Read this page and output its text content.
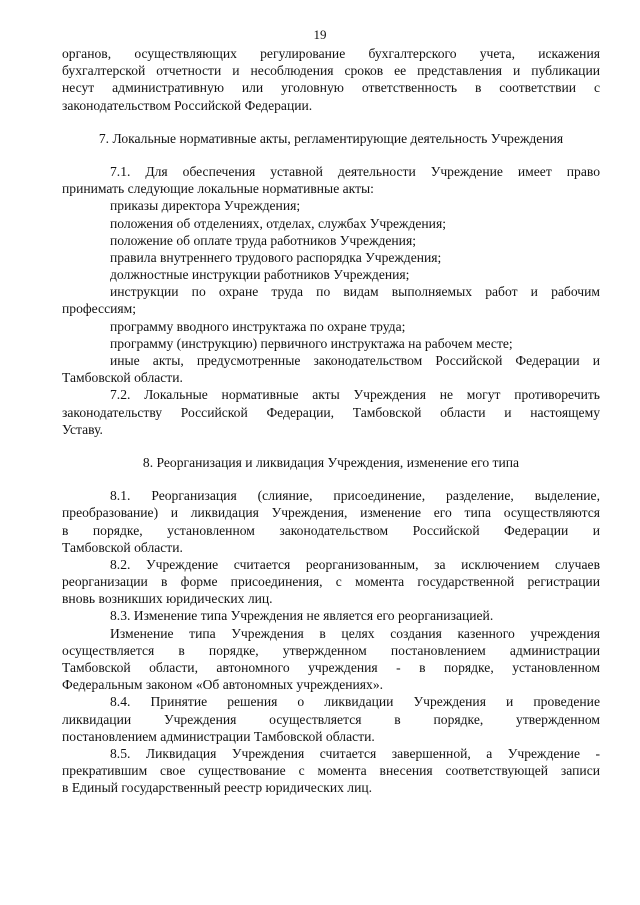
19
органов, осуществляющих регулирование бухгалтерского учета, искажения
бухгалтерской отчетности и несоблюдения сроков ее представления и публикации
несут административную или уголовную ответственность в соответствии с
законодательством Российской Федерации.
7. Локальные нормативные акты, регламентирующие деятельность Учреждения
7.1. Для обеспечения уставной деятельности Учреждение имеет право
принимать следующие локальные нормативные акты:
приказы директора Учреждения;
положения об отделениях, отделах, службах Учреждения;
положение об оплате труда работников Учреждения;
правила внутреннего трудового распорядка Учреждения;
должностные инструкции работников Учреждения;
инструкции по охране труда по видам выполняемых работ и рабочим
профессиям;
программу вводного инструктажа по охране труда;
программу (инструкцию) первичного инструктажа на рабочем месте;
иные акты, предусмотренные законодательством Российской Федерации и
Тамбовской области.
7.2. Локальные нормативные акты Учреждения не могут противоречить
законодательству Российской Федерации, Тамбовской области и настоящему
Уставу.
8. Реорганизация и ликвидация Учреждения, изменение его типа
8.1. Реорганизация (слияние, присоединение, разделение, выделение,
преобразование) и ликвидация Учреждения, изменение его типа осуществляются
в порядке, установленном законодательством Российской Федерации и
Тамбовской области.
8.2. Учреждение считается реорганизованным, за исключением случаев
реорганизации в форме присоединения, с момента государственной регистрации
вновь возникших юридических лиц.
8.3. Изменение типа Учреждения не является его реорганизацией.
Изменение типа Учреждения в целях создания казенного учреждения
осуществляется в порядке, утвержденном постановлением администрации
Тамбовской области, автономного учреждения - в порядке, установленном
Федеральным законом «Об автономных учреждениях».
8.4. Принятие решения о ликвидации Учреждения и проведение
ликвидации Учреждения осуществляется в порядке, утвержденном
постановлением администрации Тамбовской области.
8.5. Ликвидация Учреждения считается завершенной, а Учреждение -
прекратившим свое существование с момента внесения соответствующей записи
в Единый государственный реестр юридических лиц.
